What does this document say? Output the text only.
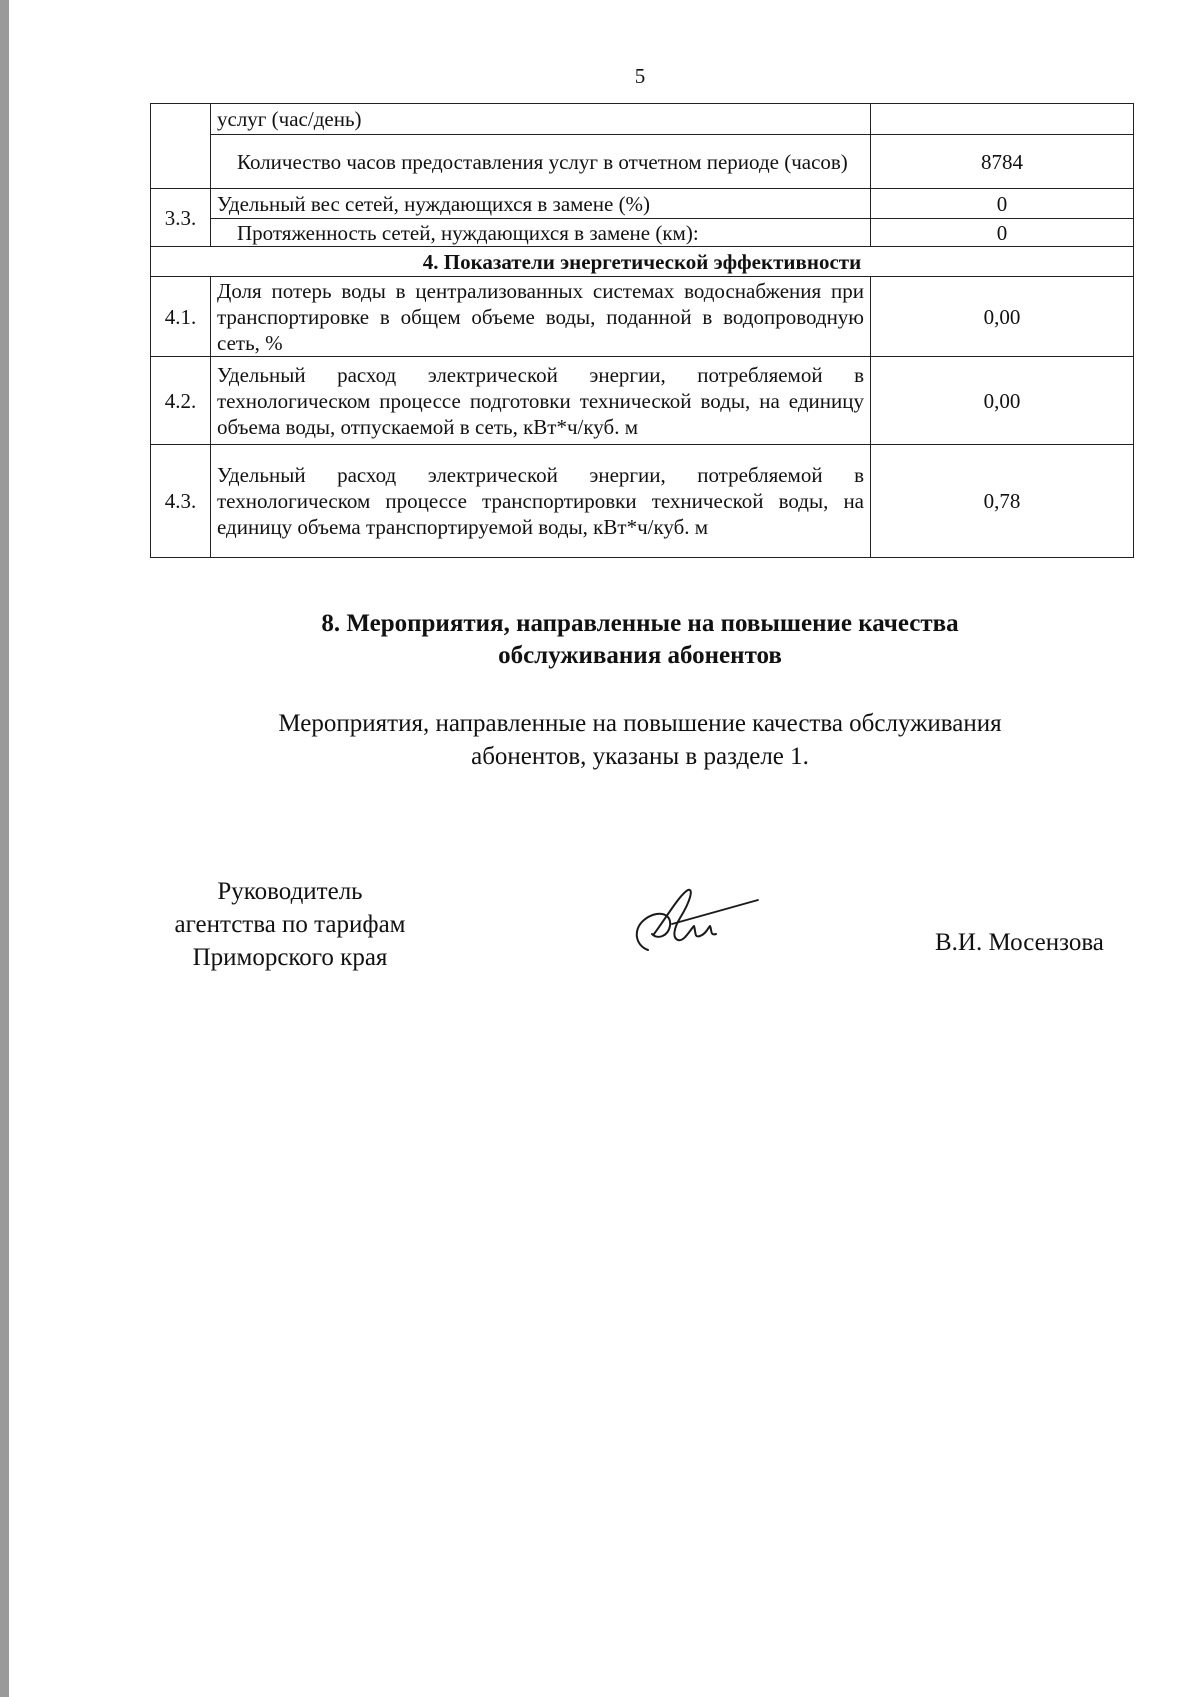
5
	услуг (час/день)	
	Количество часов предоставления услуг в отчетном периоде (часов)	8784
3.3.	Удельный вес сетей, нуждающихся в замене (%)	0
	Протяженность сетей, нуждающихся в замене (км):	0
4. Показатели энергетической эффективности		
4.1.	Доля потерь воды в централизованных системах водоснабжения при транспортировке в общем объеме воды, поданной в водопроводную сеть, %	0,00
4.2.	Удельный расход электрической энергии, потребляемой в технологическом процессе подготовки технической воды, на единицу объема воды, отпускаемой в сеть, кВт*ч/куб. м	0,00
4.3.	Удельный расход электрической энергии, потребляемой в технологическом процессе транспортировки технической воды, на единицу объема транспортируемой воды, кВт*ч/куб. м	0,78
8. Мероприятия, направленные на повышение качества
обслуживания абонентов
Мероприятия, направленные на повышение качества обслуживания
абонентов, указаны в разделе 1.
Руководитель
агентства по тарифам
Приморского края
В.И. Мосензова
